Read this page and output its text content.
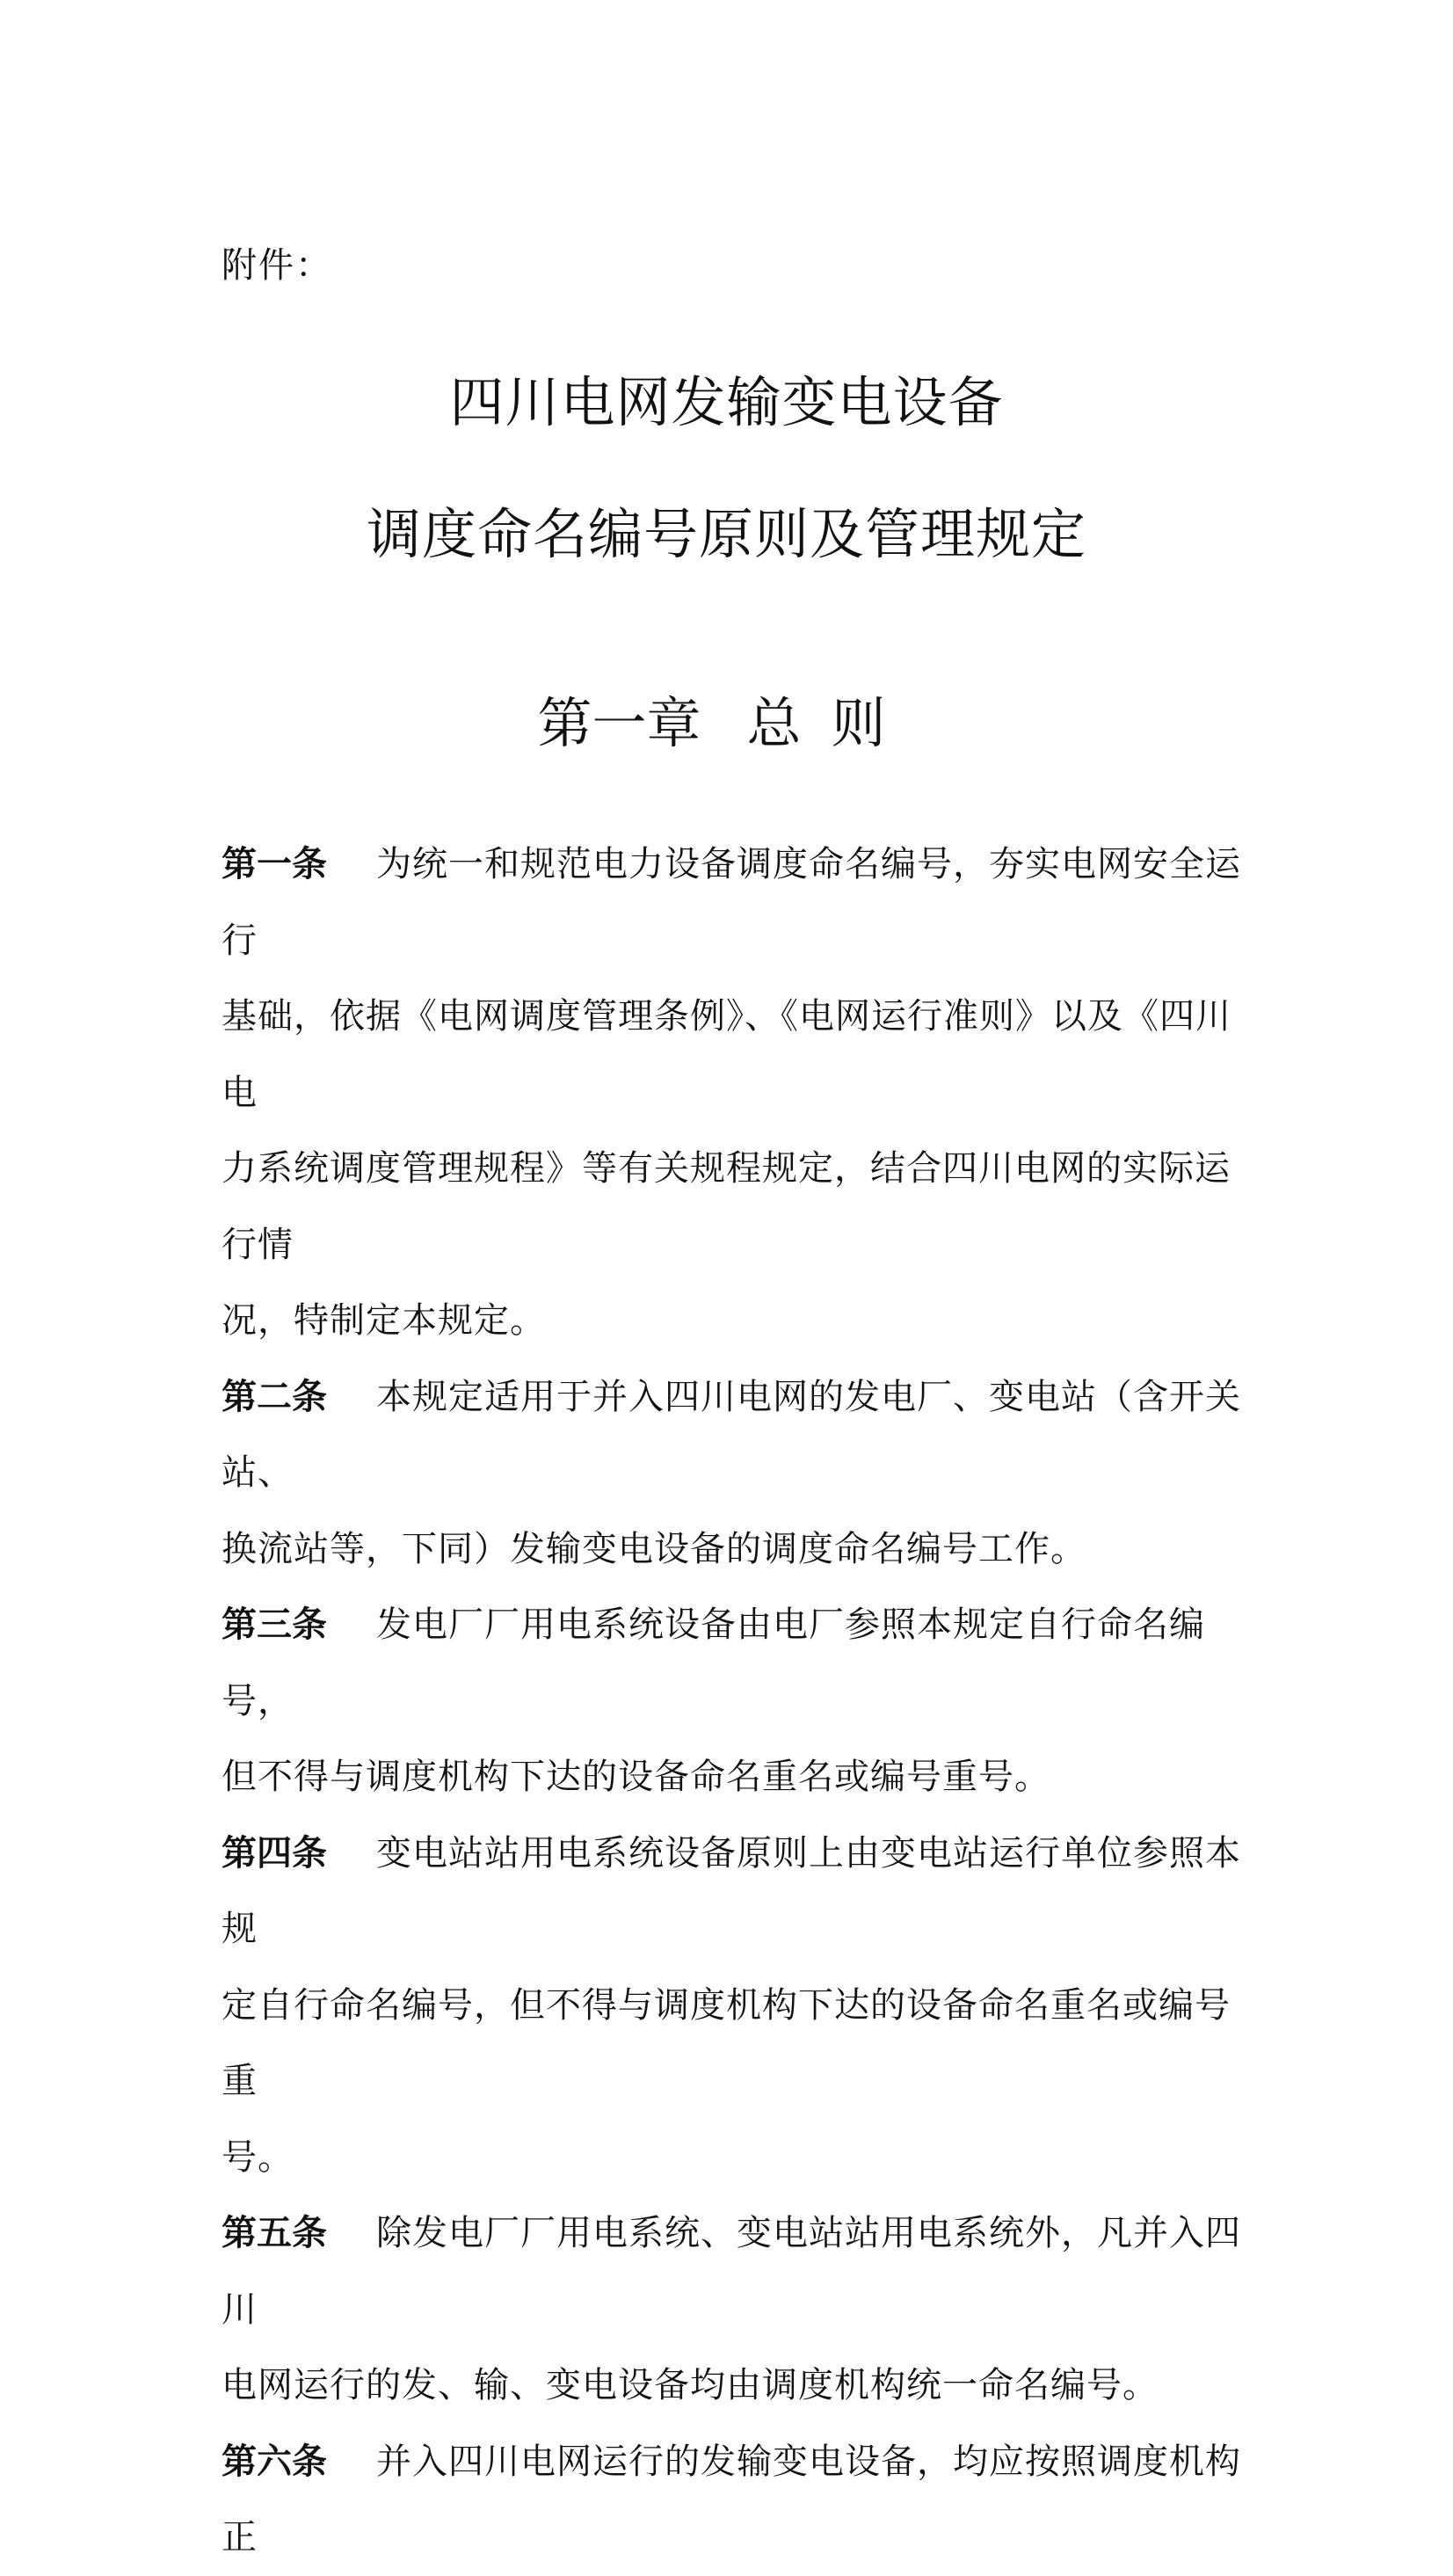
附件：
四川电网发输变电设备
调度命名编号原则及管理规定
第一章 总则

第一条 为统一和规范电力设备调度命名编号，夯实电网安全运行
基础，依据《电网调度管理条例》、《电网运行准则》以及《四川电
力系统调度管理规程》等有关规程规定，结合四川电网的实际运行情
况，特制定本规定。

第二条 本规定适用于并入四川电网的发电厂、变电站（含开关站、
换流站等，下同）发输变电设备的调度命名编号工作。

第三条 发电厂厂用电系统设备由电厂参照本规定自行命名编号，
但不得与调度机构下达的设备命名重名或编号重号。

第四条 变电站站用电系统设备原则上由变电站运行单位参照本规
定自行命名编号，但不得与调度机构下达的设备命名重名或编号重
号。

第五条 除发电厂厂用电系统、变电站站用电系统外，凡并入四川
电网运行的发、输、变电设备均由调度机构统一命名编号。

第六条 并入四川电网运行的发输变电设备，均应按照调度机构正
